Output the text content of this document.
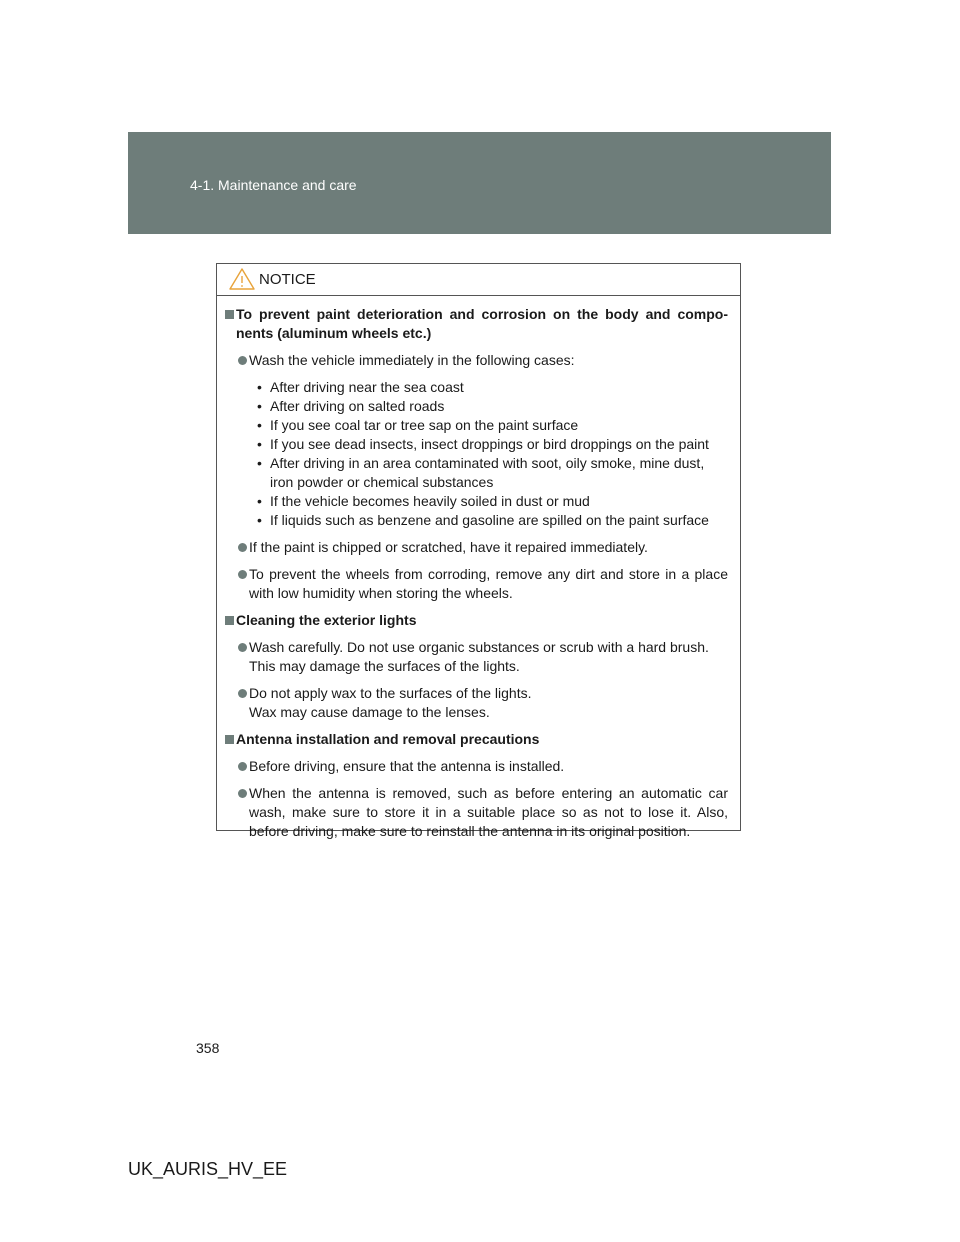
4-1. Maintenance and care
NOTICE
To prevent paint deterioration and corrosion on the body and compo- nents (aluminum wheels etc.)
Wash the vehicle immediately in the following cases:
• After driving near the sea coast
• After driving on salted roads
• If you see coal tar or tree sap on the paint surface
• If you see dead insects, insect droppings or bird droppings on the paint
• After driving in an area contaminated with soot, oily smoke, mine dust, iron powder or chemical substances
• If the vehicle becomes heavily soiled in dust or mud
• If liquids such as benzene and gasoline are spilled on the paint surface
If the paint is chipped or scratched, have it repaired immediately.
To prevent the wheels from corroding, remove any dirt and store in a place with low humidity when storing the wheels.
Cleaning the exterior lights
Wash carefully. Do not use organic substances or scrub with a hard brush.
This may damage the surfaces of the lights.
Do not apply wax to the surfaces of the lights.
Wax may cause damage to the lenses.
Antenna installation and removal precautions
Before driving, ensure that the antenna is installed.
When the antenna is removed, such as before entering an automatic car wash, make sure to store it in a suitable place so as not to lose it. Also, before driving, make sure to reinstall the antenna in its original position.
358
UK_AURIS_HV_EE
